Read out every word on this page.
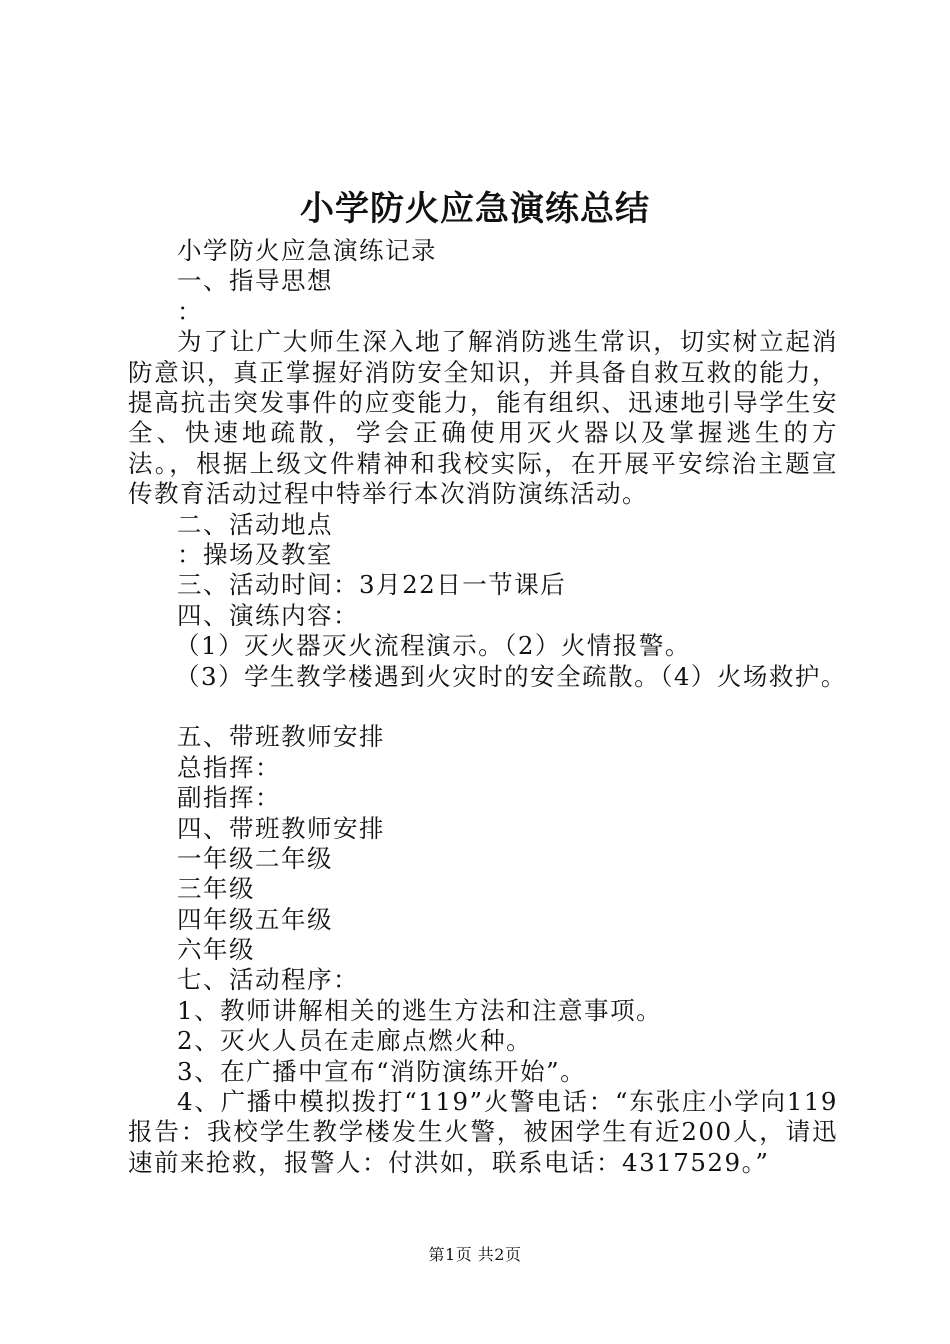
小学防火应急演练总结
小学防火应急演练记录
一、指导思想
：
为了让广大师生深入地了解消防逃生常识，切实树立起消防意识，真正掌握好消防安全知识，并具备自救互救的能力，提高抗击突发事件的应变能力，能有组织、迅速地引导学生安全、快速地疏散，学会正确使用灭火器以及掌握逃生的方法。，根据上级文件精神和我校实际，在开展平安综治主题宣传教育活动过程中特举行本次消防演练活动。
二、活动地点
：操场及教室
三、活动时间：3月22日一节课后
四、演练内容：
（1）灭火器灭火流程演示。（2）火情报警。
（3）学生教学楼遇到火灾时的安全疏散。（4）火场救护。
五、带班教师安排
总指挥：
副指挥：
四、带班教师安排
一年级二年级
三年级
四年级五年级
六年级
七、活动程序：
1、教师讲解相关的逃生方法和注意事项。
2、灭火人员在走廊点燃火种。
3、在广播中宣布“消防演练开始”。
4、广播中模拟拨打“119”火警电话：“东张庄小学向119报告：我校学生教学楼发生火警，被困学生有近200人，请迅速前来抢救，报警人：付洪如，联系电话：4317529。”
第1页 共2页
